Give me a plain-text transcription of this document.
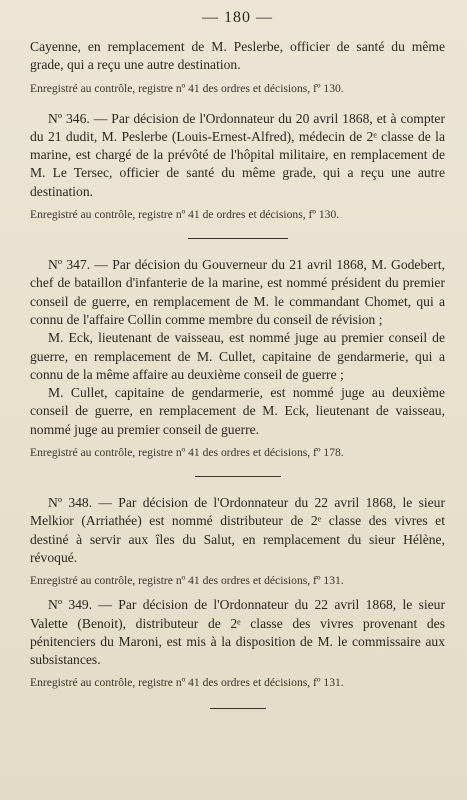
— 180 —

Cayenne, en remplacement de M. Peslerbe, officier de santé du même grade, qui a reçu une autre destination.

Enregistré au contrôle, registre nº 41 des ordres et décisions, fº 130.

Nº 346. — Par décision de l'Ordonnateur du 20 avril 1868, et à compter du 21 dudit, M. Peslerbe (Louis-Ernest-Alfred), médecin de 2ᵉ classe de la marine, est chargé de la prévôté de l'hôpital militaire, en remplacement de M. Le Tersec, officier de santé du même grade, qui a reçu une autre destination.

Enregistré au contrôle, registre nº 41 de ordres et décisions, fº 130.

Nº 347. — Par décision du Gouverneur du 21 avril 1868, M. Godebert, chef de bataillon d'infanterie de la marine, est nommé président du premier conseil de guerre, en remplacement de M. le commandant Chomet, qui a connu de l'affaire Collin comme membre du conseil de révision ;

M. Eck, lieutenant de vaisseau, est nommé juge au premier conseil de guerre, en remplacement de M. Cullet, capitaine de gendarmerie, qui a connu de la même affaire au deuxième conseil de guerre ;

M. Cullet, capitaine de gendarmerie, est nommé juge au deuxième conseil de guerre, en remplacement de M. Eck, lieutenant de vaisseau, nommé juge au premier conseil de guerre.

Enregistré au contrôle, registre nº 41 des ordres et décisions, fº 178.

Nº 348. — Par décision de l'Ordonnateur du 22 avril 1868, le sieur Melkior (Arriathée) est nommé distributeur de 2ᵉ classe des vivres et destiné à servir aux îles du Salut, en remplacement du sieur Hélène, révoqué.

Enregistré au contrôle, registre nº 41 des ordres et décisions, fº 131.

Nº 349. — Par décision de l'Ordonnateur du 22 avril 1868, le sieur Valette (Benoit), distributeur de 2ᵉ classe des vivres provenant des pénitenciers du Maroni, est mis à la disposition de M. le commissaire aux subsistances.

Enregistré au contrôle, registre nº 41 des ordres et décisions, fº 131.
